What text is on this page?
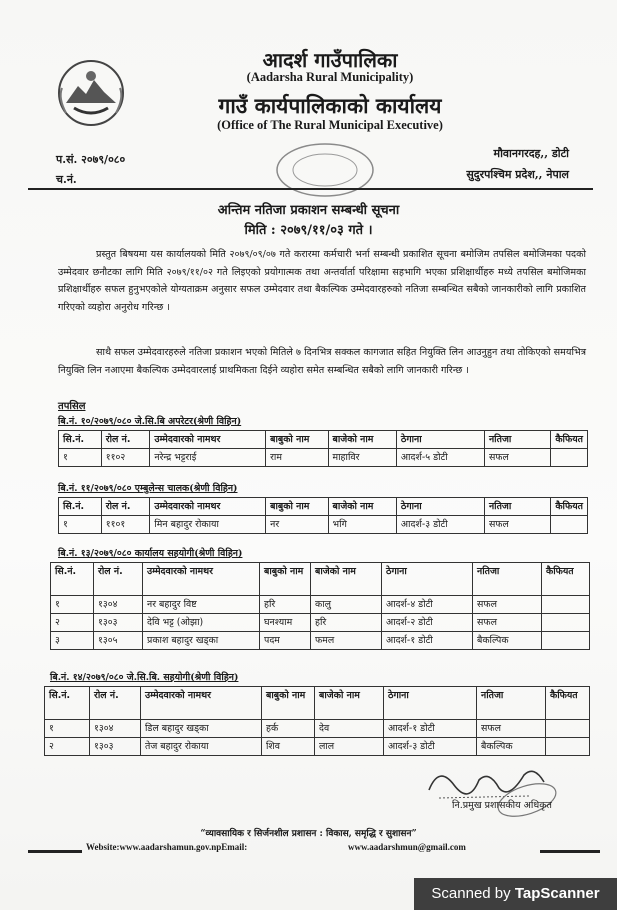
आदर्श गाउँपालिका
(Aadarsha Rural Municipality)
गाउँ कार्यपालिकाको कार्यालय
(Office of The Rural Municipal Executive)
प.सं. २०७९/०८०
च.नं.
मौवानगरदह,, डोटी
सुदुरपश्चिम प्रदेश,, नेपाल
अन्तिम नतिजा प्रकाशन सम्बन्धी सूचना
मिति : २०७९/११/०३ गते ।
प्रस्तुत बिषयमा यस कार्यालयको मिति २०७९/०९/०७ गते करारमा कर्मचारी भर्ना सम्बन्धी प्रकाशित सूचना बमोजिम तपसिल बमोजिमका पदको उम्मेदवार छनौटका लागि मिति २०७९/११/०२ गते लिइएको प्रयोगात्मक तथा अन्तर्वार्ता परिक्षामा सहभागि भएका प्रशिक्षार्थीहरु मध्ये तपसिल बमोजिमका प्रशिक्षार्थीहरु सफल हुनुभएकोले योग्यताक्रम अनुसार सफल उम्मेदवार तथा बैकल्पिक उम्मेदवारहरुको नतिजा सम्बन्धित सबैको जानकारीको लागि प्रकाशित गरिएको व्यहोरा अनुरोध गरिन्छ ।
साथै सफल उम्मेदवारहरुले नतिजा प्रकाशन भएको मितिले ७ दिनभित्र सक्कल कागजात सहित नियुक्ति लिन आउनुहुन तथा तोकिएको समयभित्र नियुक्ति लिन नआएमा बैकल्पिक उम्मेदवारलाई प्राथमिकता दिईने व्यहोरा समेत सम्बन्धित सबैको लागि जानकारी गरिन्छ ।
तपसिल
बि.नं. १०/२०७९/०८० जे.सि.बि अपरेटर(श्रेणी विहिन)
सि.नं.	रोल नं.	उम्मेदवारको नामथर	बाबुको नाम	बाजेको नाम	ठेगाना	नतिजा	कैफियत
१	११०२	नरेन्द्र भट्टराई	राम	माहाविर	आदर्श-५ डोटी	सफल	
बि.नं. ११/२०७९/०८० एम्बुलेन्स चालक(श्रेणी विहिन)
सि.नं.	रोल नं.	उम्मेदवारको नामथर	बाबुको नाम	बाजेको नाम	ठेगाना	नतिजा	कैफियत
१	११०१	मिन बहादुर रोकाया	नर	भगि	आदर्श-३ डोटी	सफल	
बि.नं. १३/२०७९/०८० कार्यालय सहयोगी(श्रेणी विहिन)
सि.नं.	रोल नं.	उम्मेदवारको नामथर	बाबुको नाम	बाजेको नाम	ठेगाना	नतिजा	कैफियत
१	१३०४	नर बहादुर विष्ट	हरि	कालु	आदर्श-४ डोटी	सफल	
२	१३०३	देवि भट्ट (ओझा)	घनश्याम	हरि	आदर्श-२ डोटी	सफल	
३	१३०५	प्रकाश बहादुर खड्का	पदम	फमल	आदर्श-१ डोटी	बैकल्पिक	
बि.नं. १४/२०७९/०८० जे.सि.बि. सहयोगी(श्रेणी विहिन)
सि.नं.	रोल नं.	उम्मेदवारको नामथर	बाबुको नाम	बाजेको नाम	ठेगाना	नतिजा	कैफियत
१	१३०४	डिल बहादुर खड्का	हर्क	देव	आदर्श-१ डोटी	सफल	
२	१३०३	तेज बहादुर रोकाया	शिव	लाल	आदर्श-३ डोटी	बैकल्पिक	
नि.प्रमुख प्रशासकीय अधिकृत
“व्यावसायिक र सिर्जनशील प्रशासन : विकास, समृद्धि र सुशासन”
Website:www.aadarshamun.gov.npEmail:	www.aadarshmun@gmail.com
Scanned by TapScanner
